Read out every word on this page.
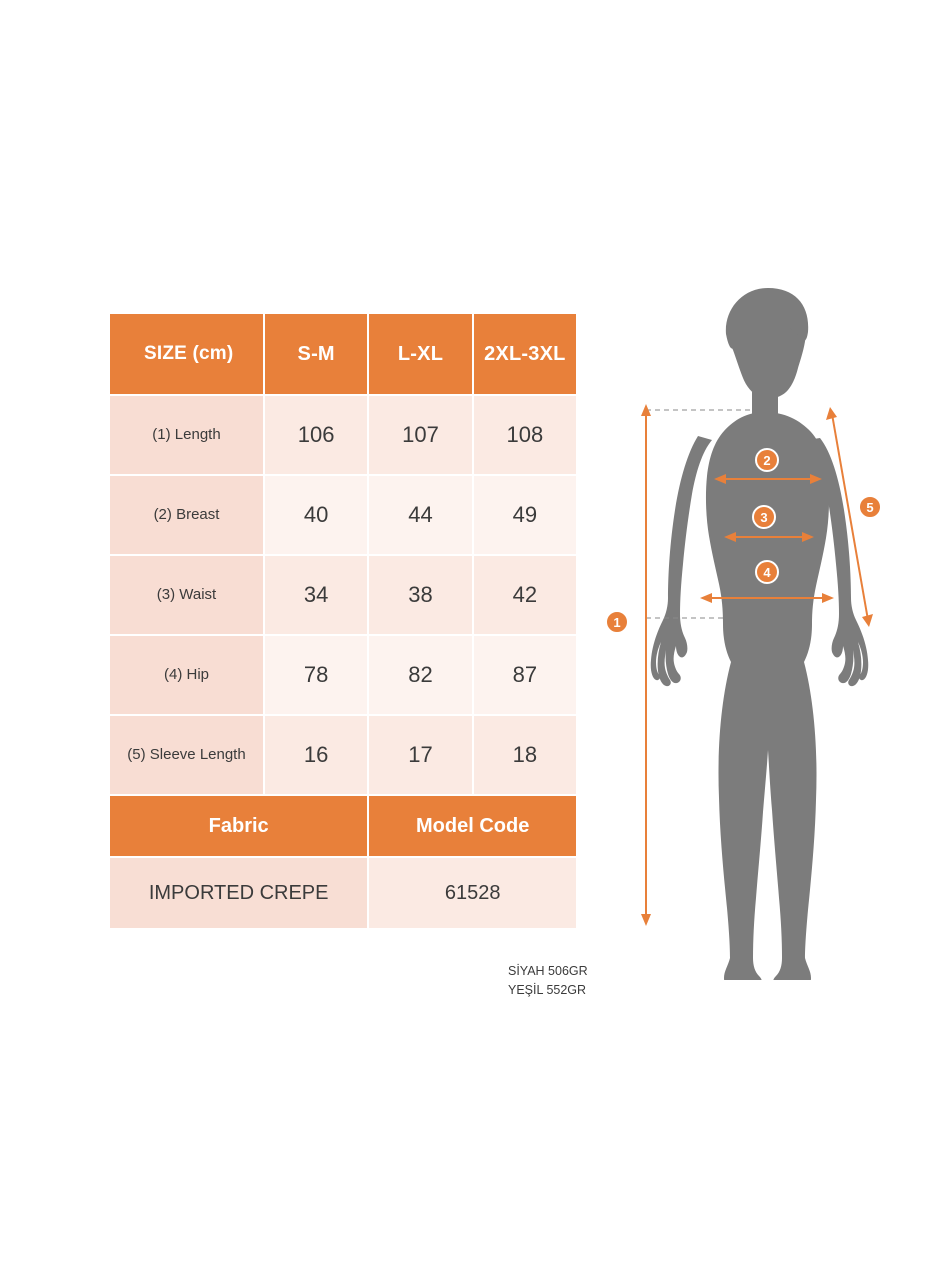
SIZE (cm)	S-M	L-XL	2XL-3XL
(1) Length	106	107	108
(2) Breast	40	44	49
(3) Waist	34	38	42
(4) Hip	78	82	87
(5) Sleeve Length	16	17	18
Fabric		Model Code	
IMPORTED CREPE		61528	
SİYAH 506GR
YEŞİL 552GR
1
2
3
4
5
